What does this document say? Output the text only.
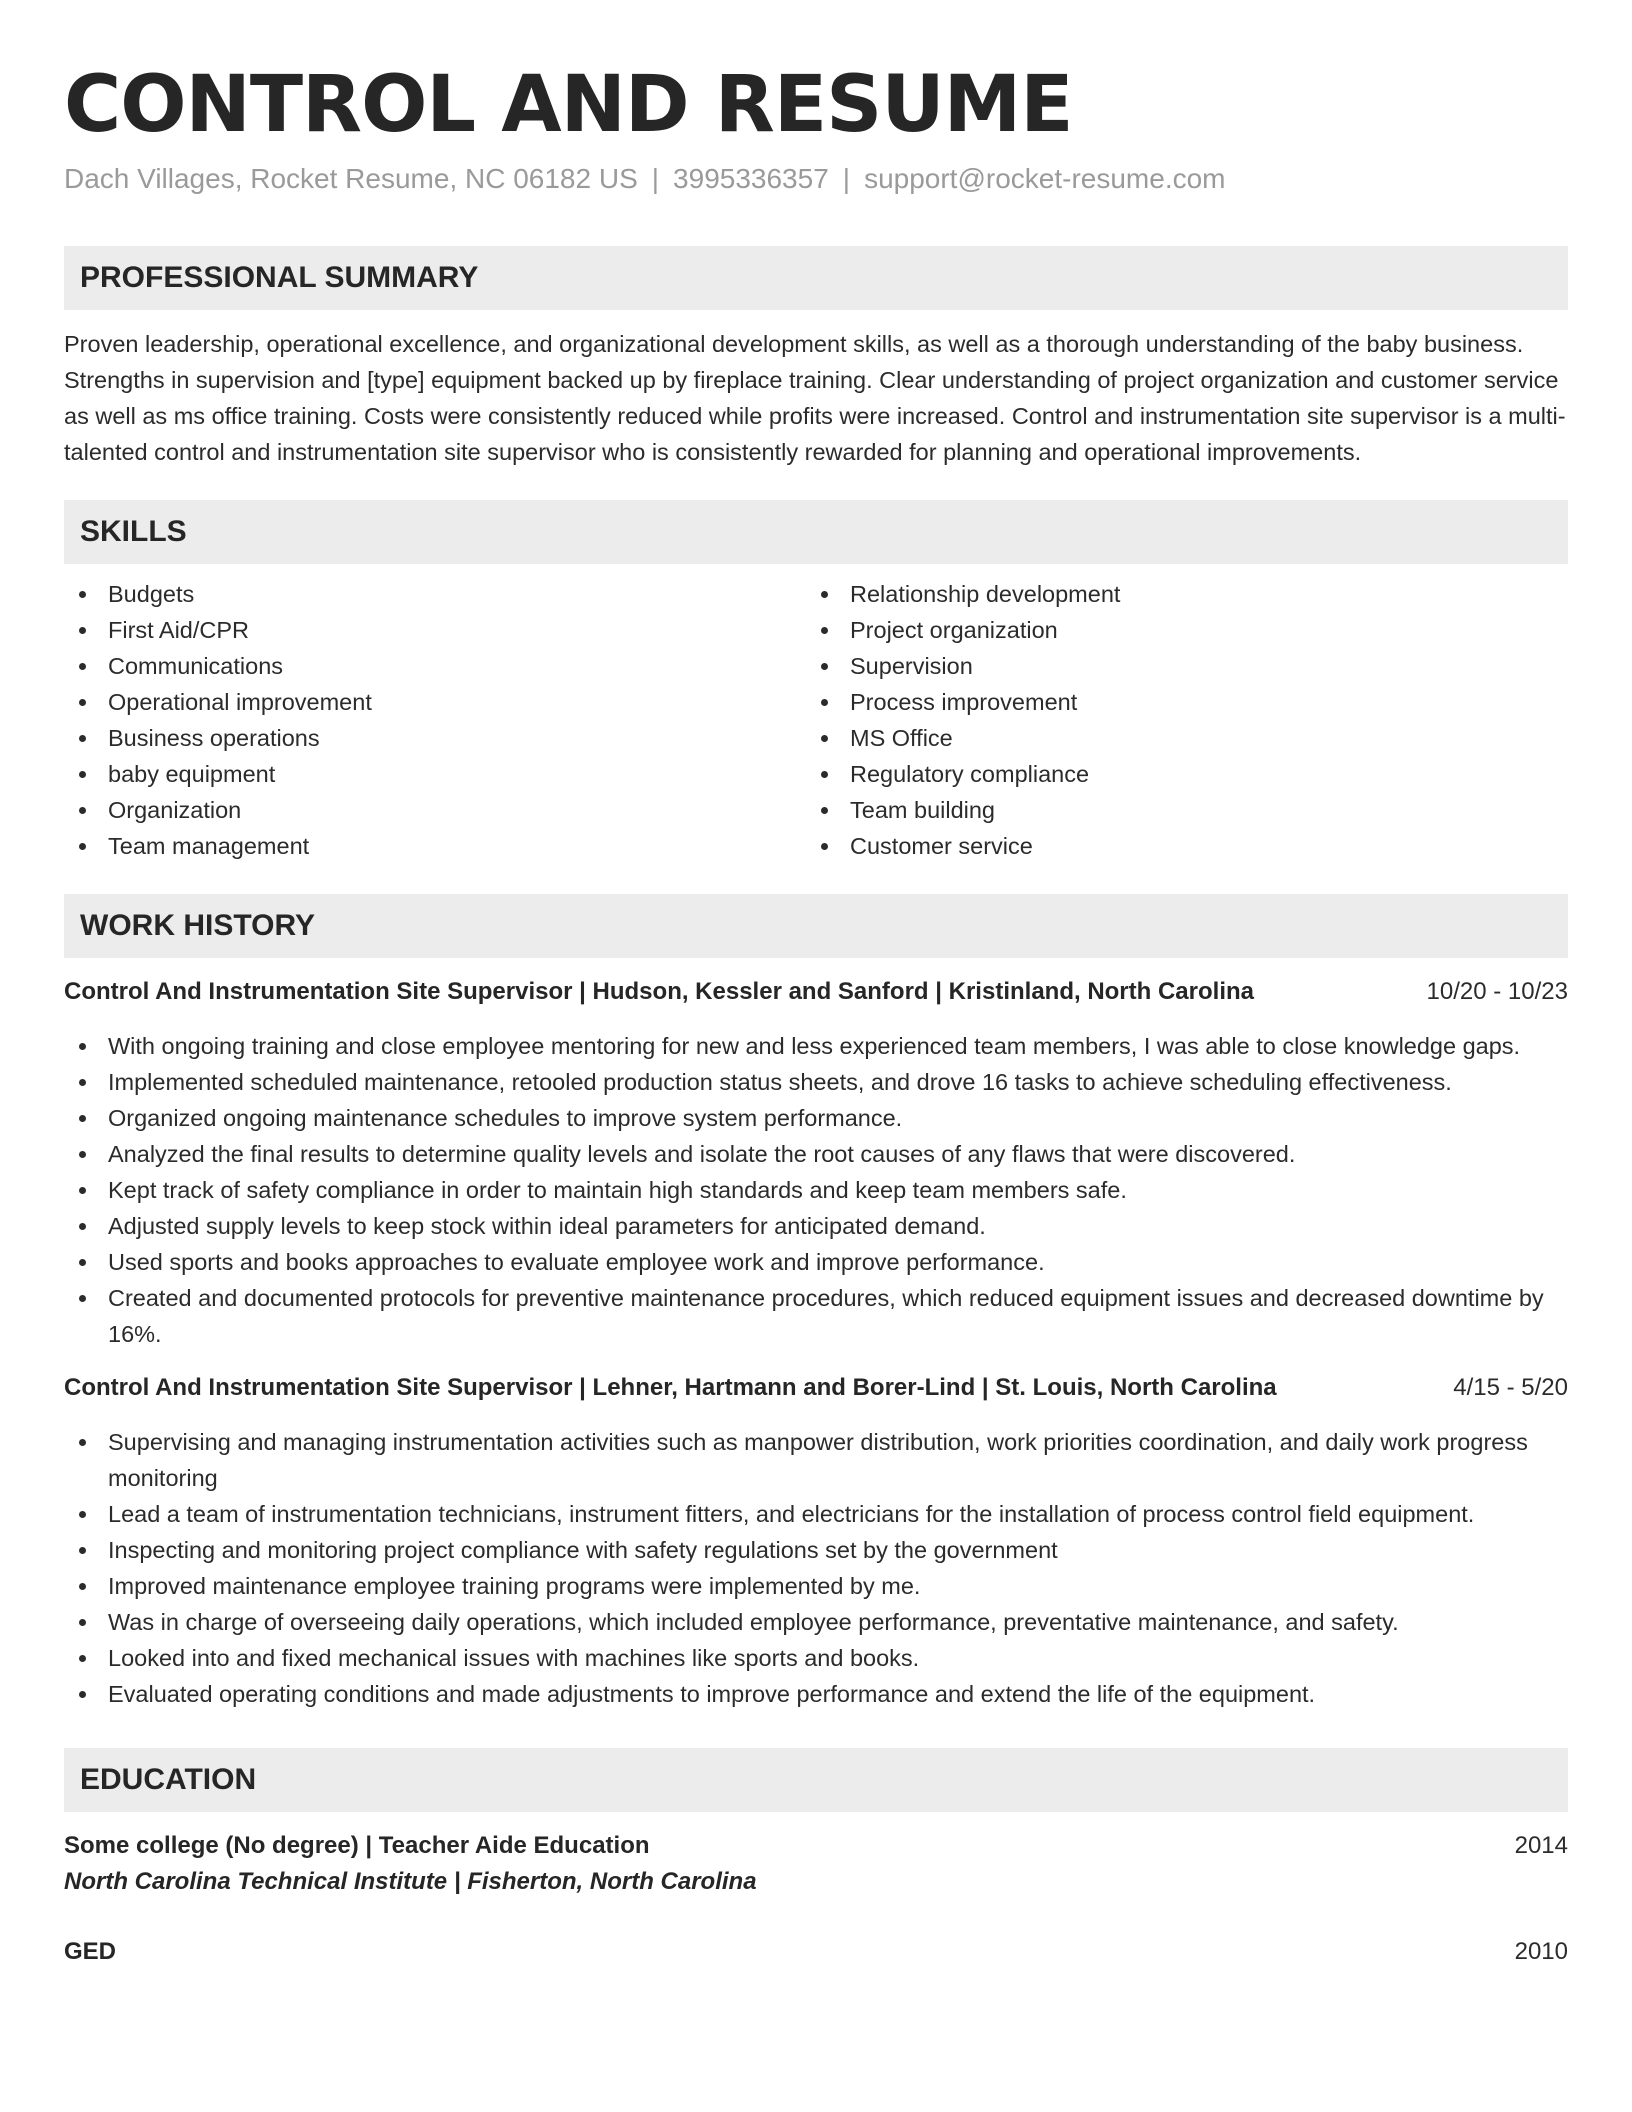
CONTROL AND RESUME
Dach Villages, Rocket Resume, NC 06182 US | 3995336357 | support@rocket-resume.com
PROFESSIONAL SUMMARY

Proven leadership, operational excellence, and organizational development skills, as well as a thorough understanding of the baby business. Strengths in supervision and [type] equipment backed up by fireplace training. Clear understanding of project organization and customer service as well as ms office training. Costs were consistently reduced while profits were increased. Control and instrumentation site supervisor is a multi-talented control and instrumentation site supervisor who is consistently rewarded for planning and operational improvements.

SKILLS
Budgets
First Aid/CPR
Communications
Operational improvement
Business operations
baby equipment
Organization
Team management
Relationship development
Project organization
Supervision
Process improvement
MS Office
Regulatory compliance
Team building
Customer service
WORK HISTORY
Control And Instrumentation Site Supervisor | Hudson, Kessler and Sanford | Kristinland, North Carolina	10/20 - 10/23
With ongoing training and close employee mentoring for new and less experienced team members, I was able to close knowledge gaps.
Implemented scheduled maintenance, retooled production status sheets, and drove 16 tasks to achieve scheduling effectiveness.
Organized ongoing maintenance schedules to improve system performance.
Analyzed the final results to determine quality levels and isolate the root causes of any flaws that were discovered.
Kept track of safety compliance in order to maintain high standards and keep team members safe.
Adjusted supply levels to keep stock within ideal parameters for anticipated demand.
Used sports and books approaches to evaluate employee work and improve performance.
Created and documented protocols for preventive maintenance procedures, which reduced equipment issues and decreased downtime by 16%.
Control And Instrumentation Site Supervisor | Lehner, Hartmann and Borer-Lind | St. Louis, North Carolina	4/15 - 5/20
Supervising and managing instrumentation activities such as manpower distribution, work priorities coordination, and daily work progress monitoring
Lead a team of instrumentation technicians, instrument fitters, and electricians for the installation of process control field equipment.
Inspecting and monitoring project compliance with safety regulations set by the government
Improved maintenance employee training programs were implemented by me.
Was in charge of overseeing daily operations, which included employee performance, preventative maintenance, and safety.
Looked into and fixed mechanical issues with machines like sports and books.
Evaluated operating conditions and made adjustments to improve performance and extend the life of the equipment.
EDUCATION
Some college (No degree) | Teacher Aide Education	2014
North Carolina Technical Institute | Fisherton, North Carolina
GED	2010
